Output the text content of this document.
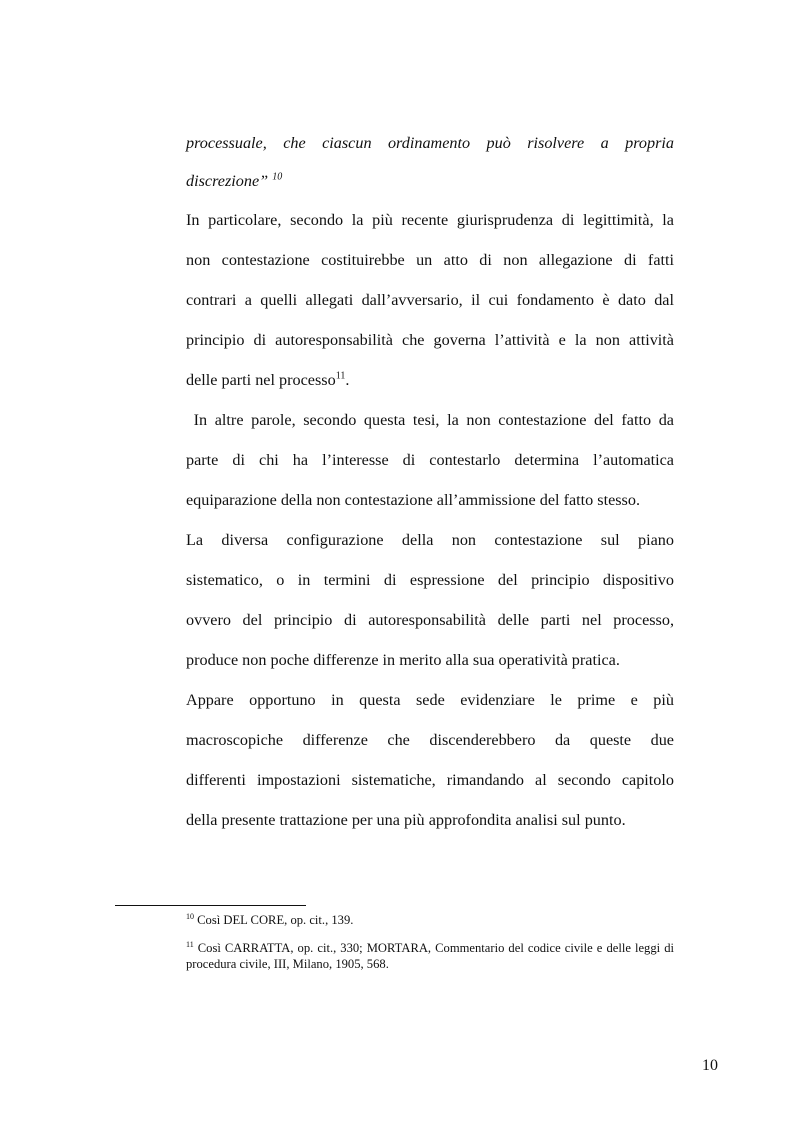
processuale, che ciascun ordinamento può risolvere a propria
discrezione” $^{10}$
In particolare, secondo la più recente giurisprudenza di legittimità, la
non contestazione costituirebbe un atto di non allegazione di fatti
contrari a quelli allegati dall’avversario, il cui fondamento è dato dal
principio di autoresponsabilità che governa l’attività e la non attività
delle parti nel processo$^{11}$.
In altre parole, secondo questa tesi, la non contestazione del fatto da
parte di chi ha l’interesse di contestarlo determina l’automatica
equiparazione della non contestazione all’ammissione del fatto stesso.
La diversa configurazione della non contestazione sul piano
sistematico, o in termini di espressione del principio dispositivo
ovvero del principio di autoresponsabilità delle parti nel processo,
produce non poche differenze in merito alla sua operatività pratica.
Appare opportuno in questa sede evidenziare le prime e più
macroscopiche differenze che discenderebbero da queste due
differenti impostazioni sistematiche, rimandando al secondo capitolo
della presente trattazione per una più approfondita analisi sul punto.
$^{10}$ Così DEL CORE, op. cit., 139.
$^{11}$ Così CARRATTA, op. cit., 330; MORTARA, Commentario del codice civile e delle leggi di procedura civile, III, Milano, 1905, 568.
10
